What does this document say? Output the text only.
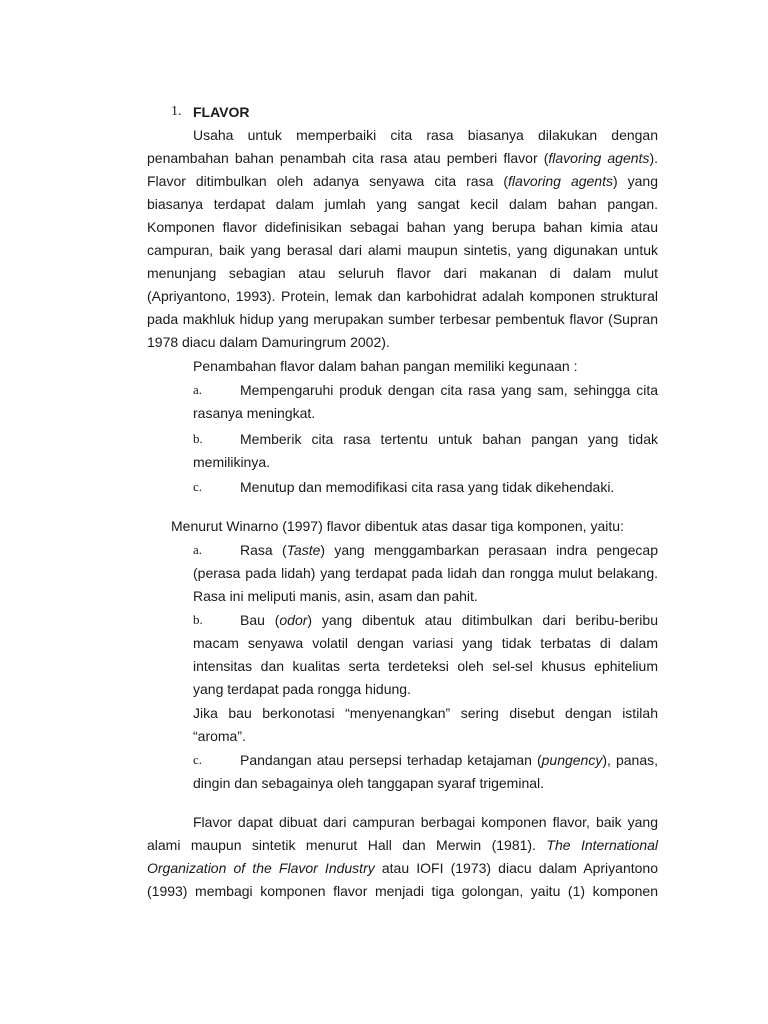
1. FLAVOR
Usaha untuk memperbaiki cita rasa biasanya dilakukan dengan
penambahan bahan penambah cita rasa atau pemberi flavor (flavoring agents).
Flavor ditimbulkan oleh adanya senyawa cita rasa (flavoring agents) yang
biasanya terdapat dalam jumlah yang sangat kecil dalam bahan pangan.
Komponen flavor didefinisikan sebagai bahan yang berupa bahan kimia atau
campuran, baik yang berasal dari alami maupun sintetis, yang digunakan untuk
menunjang sebagian atau seluruh flavor dari makanan di dalam mulut
(Apriyantono, 1993). Protein, lemak dan karbohidrat adalah komponen struktural
pada makhluk hidup yang merupakan sumber terbesar pembentuk flavor (Supran
1978 diacu dalam Damuringrum 2002).
Penambahan flavor dalam bahan pangan memiliki kegunaan :
a.	Mempengaruhi produk dengan cita rasa yang sam, sehingga cita
rasanya meningkat.
b.	Memberik cita rasa tertentu untuk bahan pangan yang tidak
memilikinya.
c.	Menutup dan memodifikasi cita rasa yang tidak dikehendaki.
Menurut Winarno (1997) flavor dibentuk atas dasar tiga komponen, yaitu:
a.	Rasa (Taste) yang menggambarkan perasaan indra pengecap
(perasa pada lidah) yang terdapat pada lidah dan rongga mulut belakang.
Rasa ini meliputi manis, asin, asam dan pahit.
b.	Bau (odor) yang dibentuk atau ditimbulkan dari beribu-beribu
macam senyawa volatil dengan variasi yang tidak terbatas di dalam
intensitas dan kualitas serta terdeteksi oleh sel-sel khusus ephitelium
yang terdapat pada rongga hidung.
Jika bau berkonotasi “menyenangkan” sering disebut dengan istilah
“aroma”.
c.	Pandangan atau persepsi terhadap ketajaman (pungency), panas,
dingin dan sebagainya oleh tanggapan syaraf trigeminal.
Flavor dapat dibuat dari campuran berbagai komponen flavor, baik yang
alami maupun sintetik menurut Hall dan Merwin (1981). The International
Organization of the Flavor Industry atau IOFI (1973) diacu dalam Apriyantono
(1993) membagi komponen flavor menjadi tiga golongan, yaitu (1) komponen
